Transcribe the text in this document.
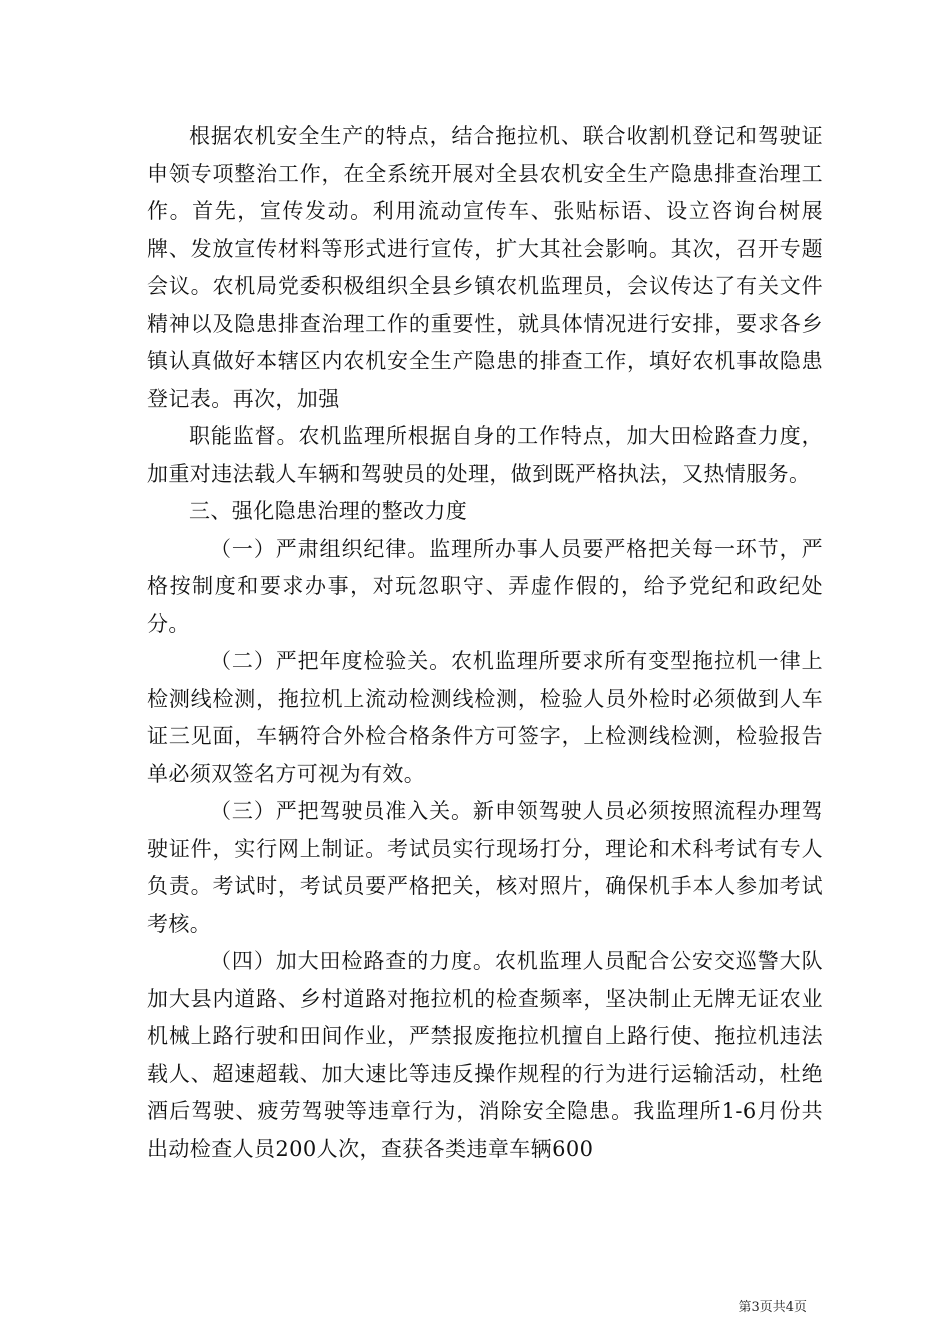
根据农机安全生产的特点，结合拖拉机、联合收割机登记和驾驶证申领专项整治工作，在全系统开展对全县农机安全生产隐患排查治理工作。首先，宣传发动。利用流动宣传车、张贴标语、设立咨询台树展牌、发放宣传材料等形式进行宣传，扩大其社会影响。其次，召开专题会议。农机局党委积极组织全县乡镇农机监理员，会议传达了有关文件精神以及隐患排查治理工作的重要性，就具体情况进行安排，要求各乡镇认真做好本辖区内农机安全生产隐患的排查工作，填好农机事故隐患登记表。再次，加强

职能监督。农机监理所根据自身的工作特点，加大田检路查力度，加重对违法载人车辆和驾驶员的处理，做到既严格执法，又热情服务。

三、强化隐患治理的整改力度

（一）严肃组织纪律。监理所办事人员要严格把关每一环节，严格按制度和要求办事，对玩忽职守、弄虚作假的，给予党纪和政纪处分。

（二）严把年度检验关。农机监理所要求所有变型拖拉机一律上检测线检测，拖拉机上流动检测线检测，检验人员外检时必须做到人车证三见面，车辆符合外检合格条件方可签字，上检测线检测，检验报告单必须双签名方可视为有效。

（三）严把驾驶员准入关。新申领驾驶人员必须按照流程办理驾驶证件，实行网上制证。考试员实行现场打分，理论和术科考试有专人负责。考试时，考试员要严格把关，核对照片，确保机手本人参加考试考核。

（四）加大田检路查的力度。农机监理人员配合公安交巡警大队加大县内道路、乡村道路对拖拉机的检查频率，坚决制止无牌无证农业机械上路行驶和田间作业，严禁报废拖拉机擅自上路行使、拖拉机违法载人、超速超载、加大速比等违反操作规程的行为进行运输活动，杜绝酒后驾驶、疲劳驾驶等违章行为，消除安全隐患。我监理所1-6月份共出动检查人员200人次，查获各类违章车辆600

第3页共4页
